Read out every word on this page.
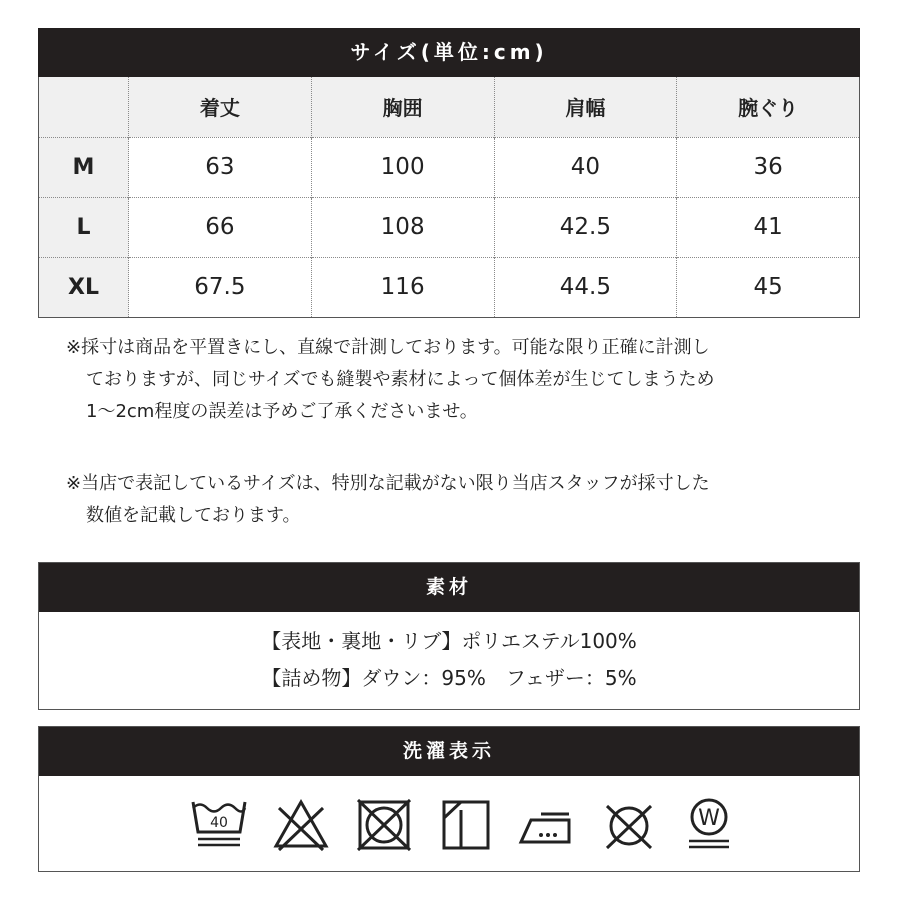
サイズ(単位:cm)
	着丈	胸囲	肩幅	腕ぐり
M	63	100	40	36
L	66	108	42.5	41
XL	67.5	116	44.5	45
※採寸は商品を平置きにし、直線で計測しております。可能な限り正確に計測し
ておりますが、同じサイズでも縫製や素材によって個体差が生じてしまうため
1～2cm程度の誤差は予めご了承くださいませ。
※当店で表記しているサイズは、特別な記載がない限り当店スタッフが採寸した
数値を記載しております。
素材
【表地・裏地・リブ】ポリエステル100%
【詰め物】ダウン：95%　フェザー：5%
洗濯表示
40	W
